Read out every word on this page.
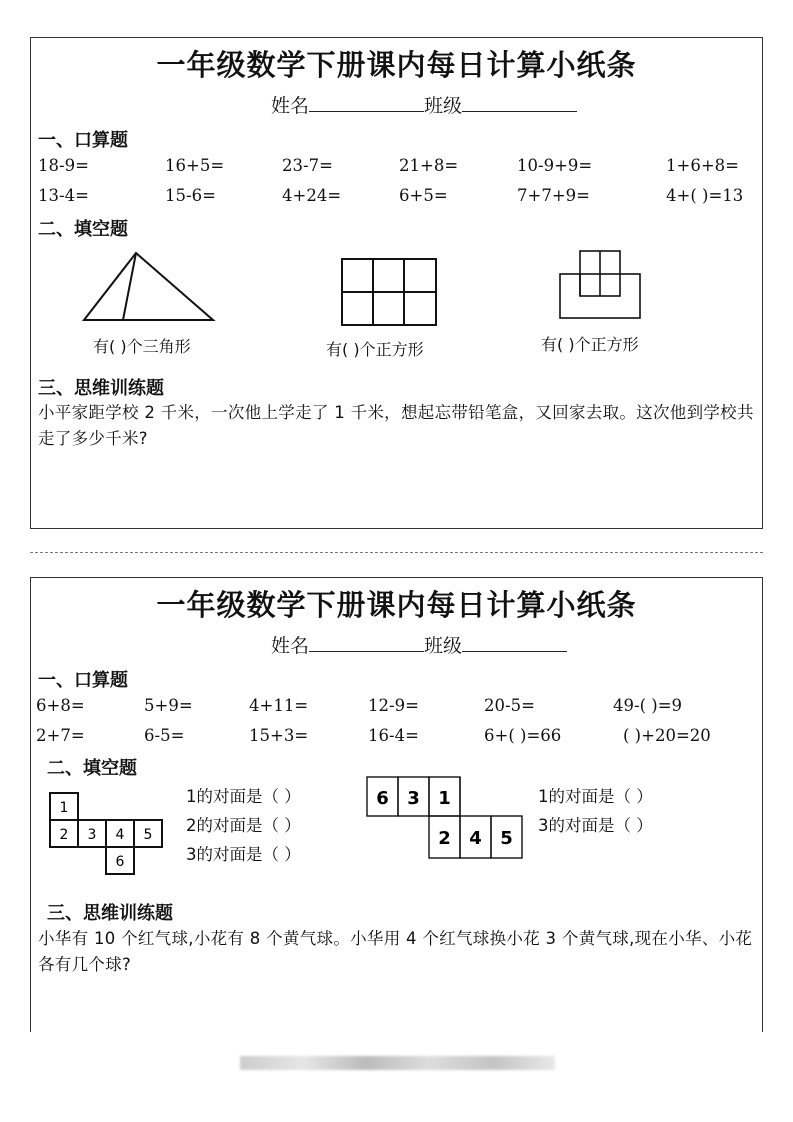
一年级数学下册课内每日计算小纸条
姓名	班级
一、口算题
18-9=	16+5=	23-7=	21+8=	10-9+9=	1+6+8=
13-4=	15-6=	4+24=	6+5=	7+7+9=	4+( )=13
二、填空题
有( )个三角形	有( )个正方形	有( )个正方形
三、思维训练题
小平家距学校 2 千米，一次他上学走了 1 千米，想起忘带铅笔盒，又回家去取。这次他到学校共走了多少千米?
一年级数学下册课内每日计算小纸条
姓名	班级
一、口算题
6+8=	5+9=	4+11=	12-9=	20-5=	49-( )=9
2+7=	6-5=	15+3=	16-4=	6+( )=66	( )+20=20
二、填空题
1
2 3 4 5
6
1的对面是（ ）
2的对面是（ ）
3的对面是（ ）
6 3 1
2 4 5
1的对面是（ ）
3的对面是（ ）
三、思维训练题
小华有 10 个红气球,小花有 8 个黄气球。小华用 4 个红气球换小花 3 个黄气球,现在小华、小花各有几个球?
